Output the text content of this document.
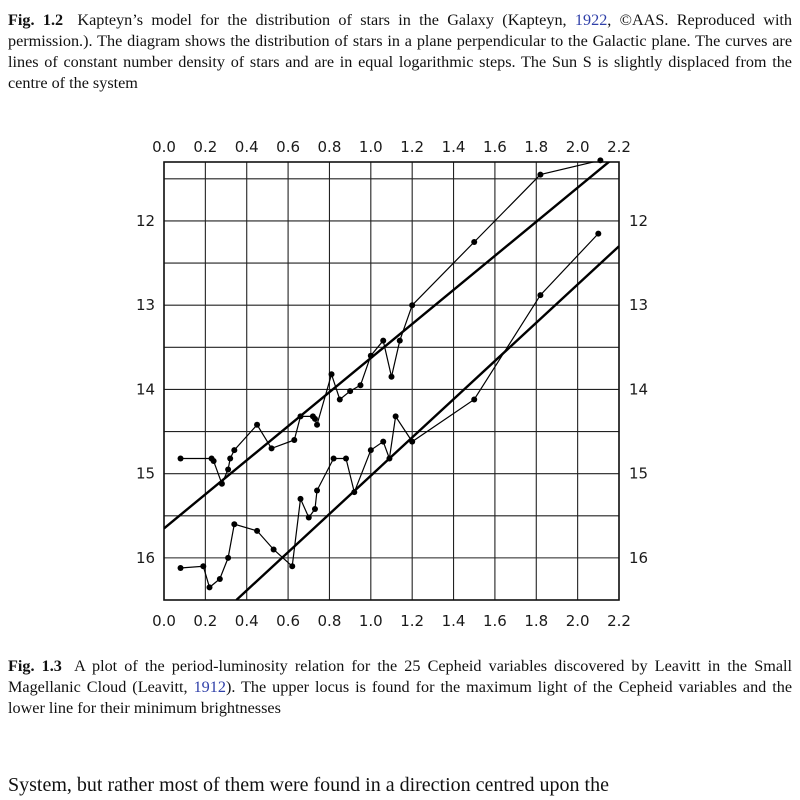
Fig. 1.2 Kapteyn’s model for the distribution of stars in the Galaxy (Kapteyn, 1922, ©AAS. Reproduced with permission.). The diagram shows the distribution of stars in a plane perpendicular to the Galactic plane. The curves are lines of constant number density of stars and are in equal logarithmic steps. The Sun S is slightly displaced from the centre of the system

0.0
0.0
0.2
0.2
0.4
0.4
0.6
0.6
0.8
0.8
1.0
1.0
1.2
1.2
1.4
1.4
1.6
1.6
1.8
1.8
2.0
2.0
2.2
2.2
12	12
13	13
14	14
15	15
16	16

Fig. 1.3 A plot of the period-luminosity relation for the 25 Cepheid variables discovered by Leavitt in the Small Magellanic Cloud (Leavitt, 1912). The upper locus is found for the maximum light of the Cepheid variables and the lower line for their minimum brightnesses

System, but rather most of them were found in a direction centred upon the
